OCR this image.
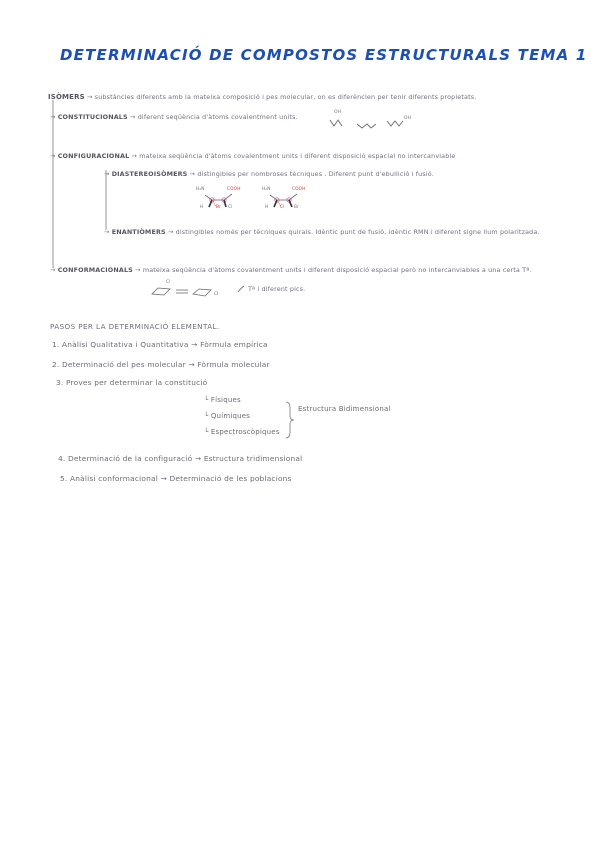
DETERMINACIÓ DE COMPOSTOS ESTRUCTURALS TEMA 1
ISÒMERS → substàncies diferents amb la mateixa composició i pes molecular, on es diferèncien per tenir diferents propietats.
→ CONSTITUCIONALS → diferent seqüència d'àtoms covalentment units.
OH
OH
→ CONFIGURACIONAL → mateixa seqüència d'àtoms covalentment units i diferent disposició espacial no intercanviable
→ DIASTEREOISÒMERS → distingibles per nombroses tècniques . Diferent punt d'ebullició i fusió.
H₂N	COOH
H	Br Cl
H₂N	COOH
H	Cl Br
→ ENANTIÒMERS → distingibles només per tècniques quirals. Idèntic punt de fusió, idèntic RMN i diferent signe llum polaritzada.
→ CONFORMACIONALS → mateixa seqüència d'àtoms covalentment units i diferent disposició espacial però no intercanviables a una certa Tª.
Cl
Cl
Tª i diferent pics.
PASOS PER LA DETERMINACIÓ ELEMENTAL.
1. Anàlisi Qualitativa i Quantitativa → Fòrmula empírica
2. Determinació del pes molecular → Fòrmula molecular
3. Proves per determinar la constitució
└ Físiques
└ Químiques
└ Espectroscòpiques
Estructura Bidimensional
4. Determinació de la configuració → Estructura tridimensional
5. Anàlisi conformacional → Determinació de les poblacions
